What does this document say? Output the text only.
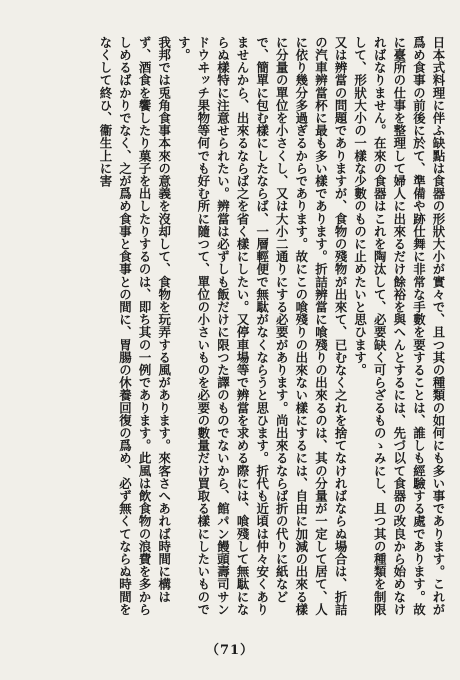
日本式料理に伴ふ缺點は食器の形狀大小が實々で、且つ其の種類の如何にも多い事であります。これが爲め食事の前後に於て、準備や跡仕舞に非常な手數を要することは、誰しも經驗する處であります。故に臺所の仕事を整理して婦人に出來るだけ餘裕を與へんとするには、先づ以て食器の改良から始めなければなりません。在來の食器はこれを陶汰して、必要缺く可らざるものゝみにし、且つ其の種類を制限して、形狀大小の一樣な少數のものに止めたいと思ひます。

又は辨當の問題でありますが、食物の殘物が出來て、已むなく之れを捨てなければならぬ場合は、折詰の汽車辨當杯に最も多い樣であります。折詰辨當に喰殘りの出來るのは、其の分量が一定して居て、人に依り幾分多過ぎるからであります。故にこの喰殘りの出來ない樣にするには、自由に加減の出來る樣に分量の單位を小さくし、又は大小二通りにする必要があります。尚出來るならば折の代りに紙などで、簡單に包む樣にしたならば、一層輕便で無駄がなくならうと思ひます。折代も近頃は仲々安くありませんから、出來るならば之を省く樣にしたい。又停車場等で辨當を求める際には、喰殘して無駄にならぬ樣特に注意せられたい。辨當は必ずしも飯だけに限つた譯のものでないから、館パン饅頭壽司サンドウヰッチ果物等何でも好む所に隨つて、單位の小さいものを必要の數量だけ買取る樣にしたいものです。

我邦では兎角食事本來の意義を沒却して、食物を玩弄する風があります。來客さへあれば時間に構はず、酒食を饗したり菓子を出したりするのは、即ち其の一例であります。此風は飲食物の浪費を多からしめるばかりでなく、之が爲め食事と食事との間に、胃腸の休養回復の爲め、必ず無くてならぬ時間をなくして終ひ、衞生上に害

（71）
